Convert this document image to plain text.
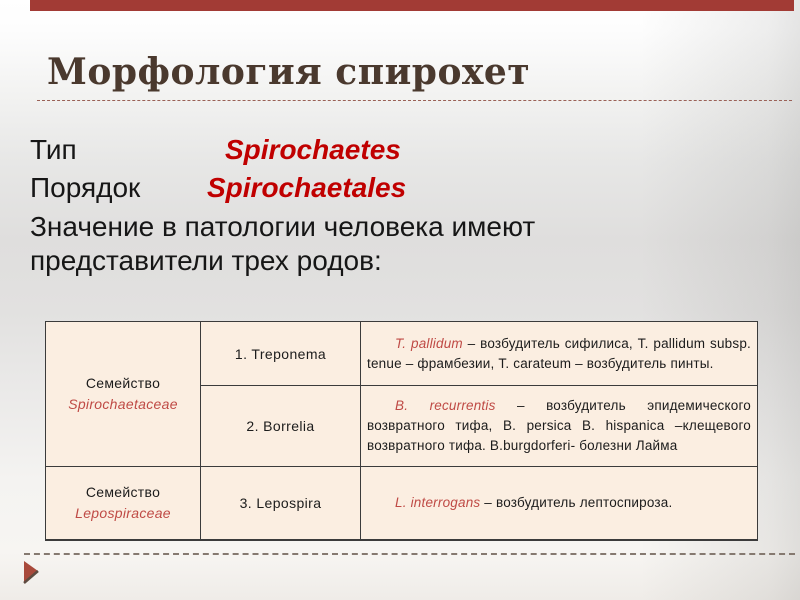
Морфология спирохет
Тип	Spirochaetes
Порядок Spirochaetales

Значение в патологии человека имеют представители трех родов:

Семейство
Spirochaetaceae	1. Treponema	Т. pallidum – возбудитель сифилиса, Т. pallidum subsp. tenue – фрамбезии, Т. carateum – возбудитель пинты.

	2. Borrelia	В. recurrentis – возбудитель эпидемического возвратного тифа, В. persica В. hispanica –клещевого возвратного тифа. В.burgdorferi- болезни Лайма

Семейство
Lepospiraceae	3. Lepospira	L. interrogans – возбудитель лептоспироза.
